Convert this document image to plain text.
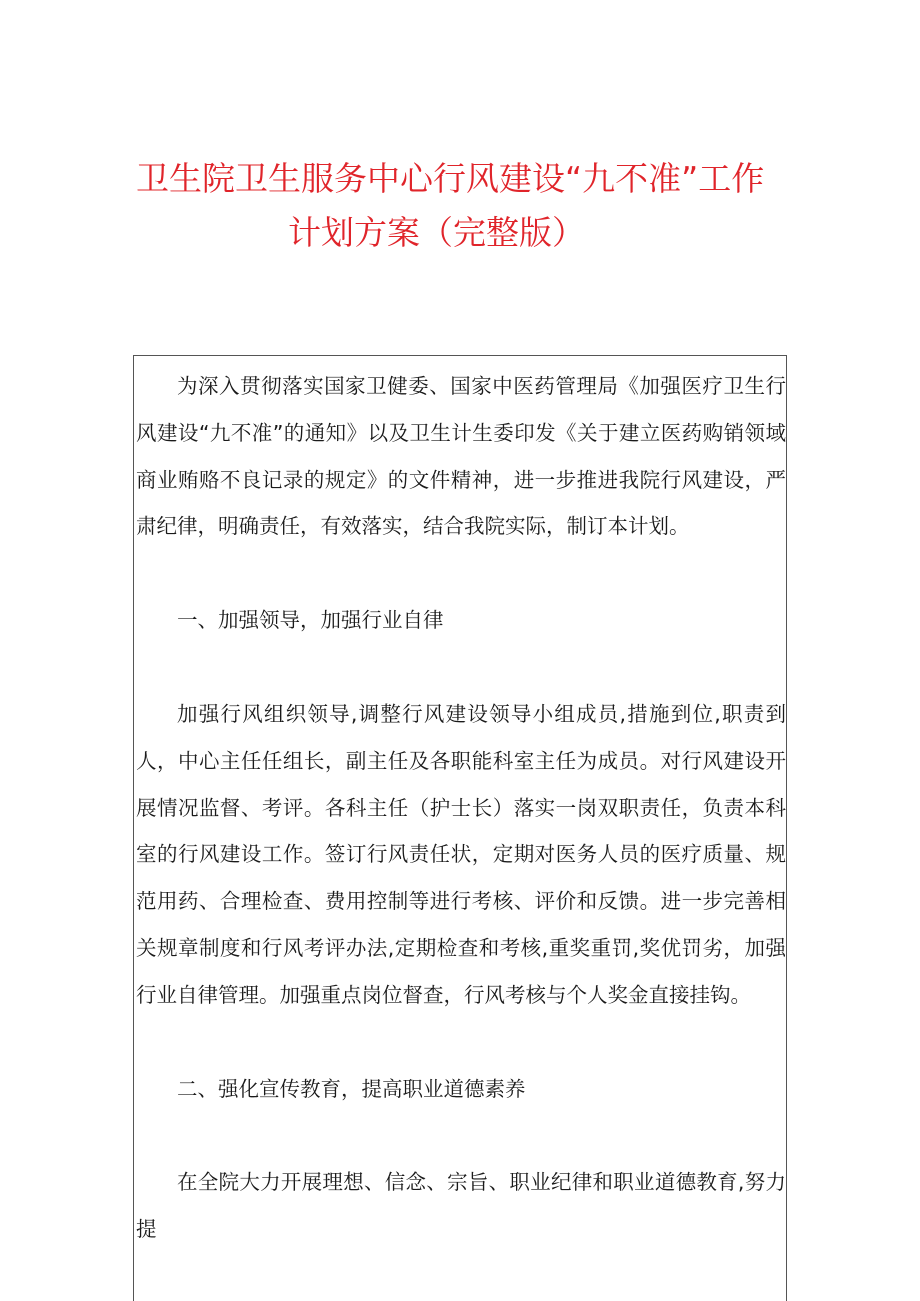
卫生院卫生服务中心行风建设“九不准”工作
计划方案（完整版）

为深入贯彻落实国家卫健委、国家中医药管理局《加强医疗卫生行风建设“九不准”的通知》以及卫生计生委印发《关于建立医药购销领域商业贿赂不良记录的规定》的文件精神，进一步推进我院行风建设，严肃纪律，明确责任，有效落实，结合我院实际，制订本计划。

一、加强领导，加强行业自律

加强行风组织领导,调整行风建设领导小组成员,措施到位,职责到人，中心主任任组长，副主任及各职能科室主任为成员。对行风建设开展情况监督、考评。各科主任（护士长）落实一岗双职责任，负责本科室的行风建设工作。签订行风责任状，定期对医务人员的医疗质量、规范用药、合理检查、费用控制等进行考核、评价和反馈。进一步完善相关规章制度和行风考评办法,定期检查和考核,重奖重罚,奖优罚劣，加强行业自律管理。加强重点岗位督查，行风考核与个人奖金直接挂钩。

二、强化宣传教育，提高职业道德素养

在全院大力开展理想、信念、宗旨、职业纪律和职业道德教育,努力提
